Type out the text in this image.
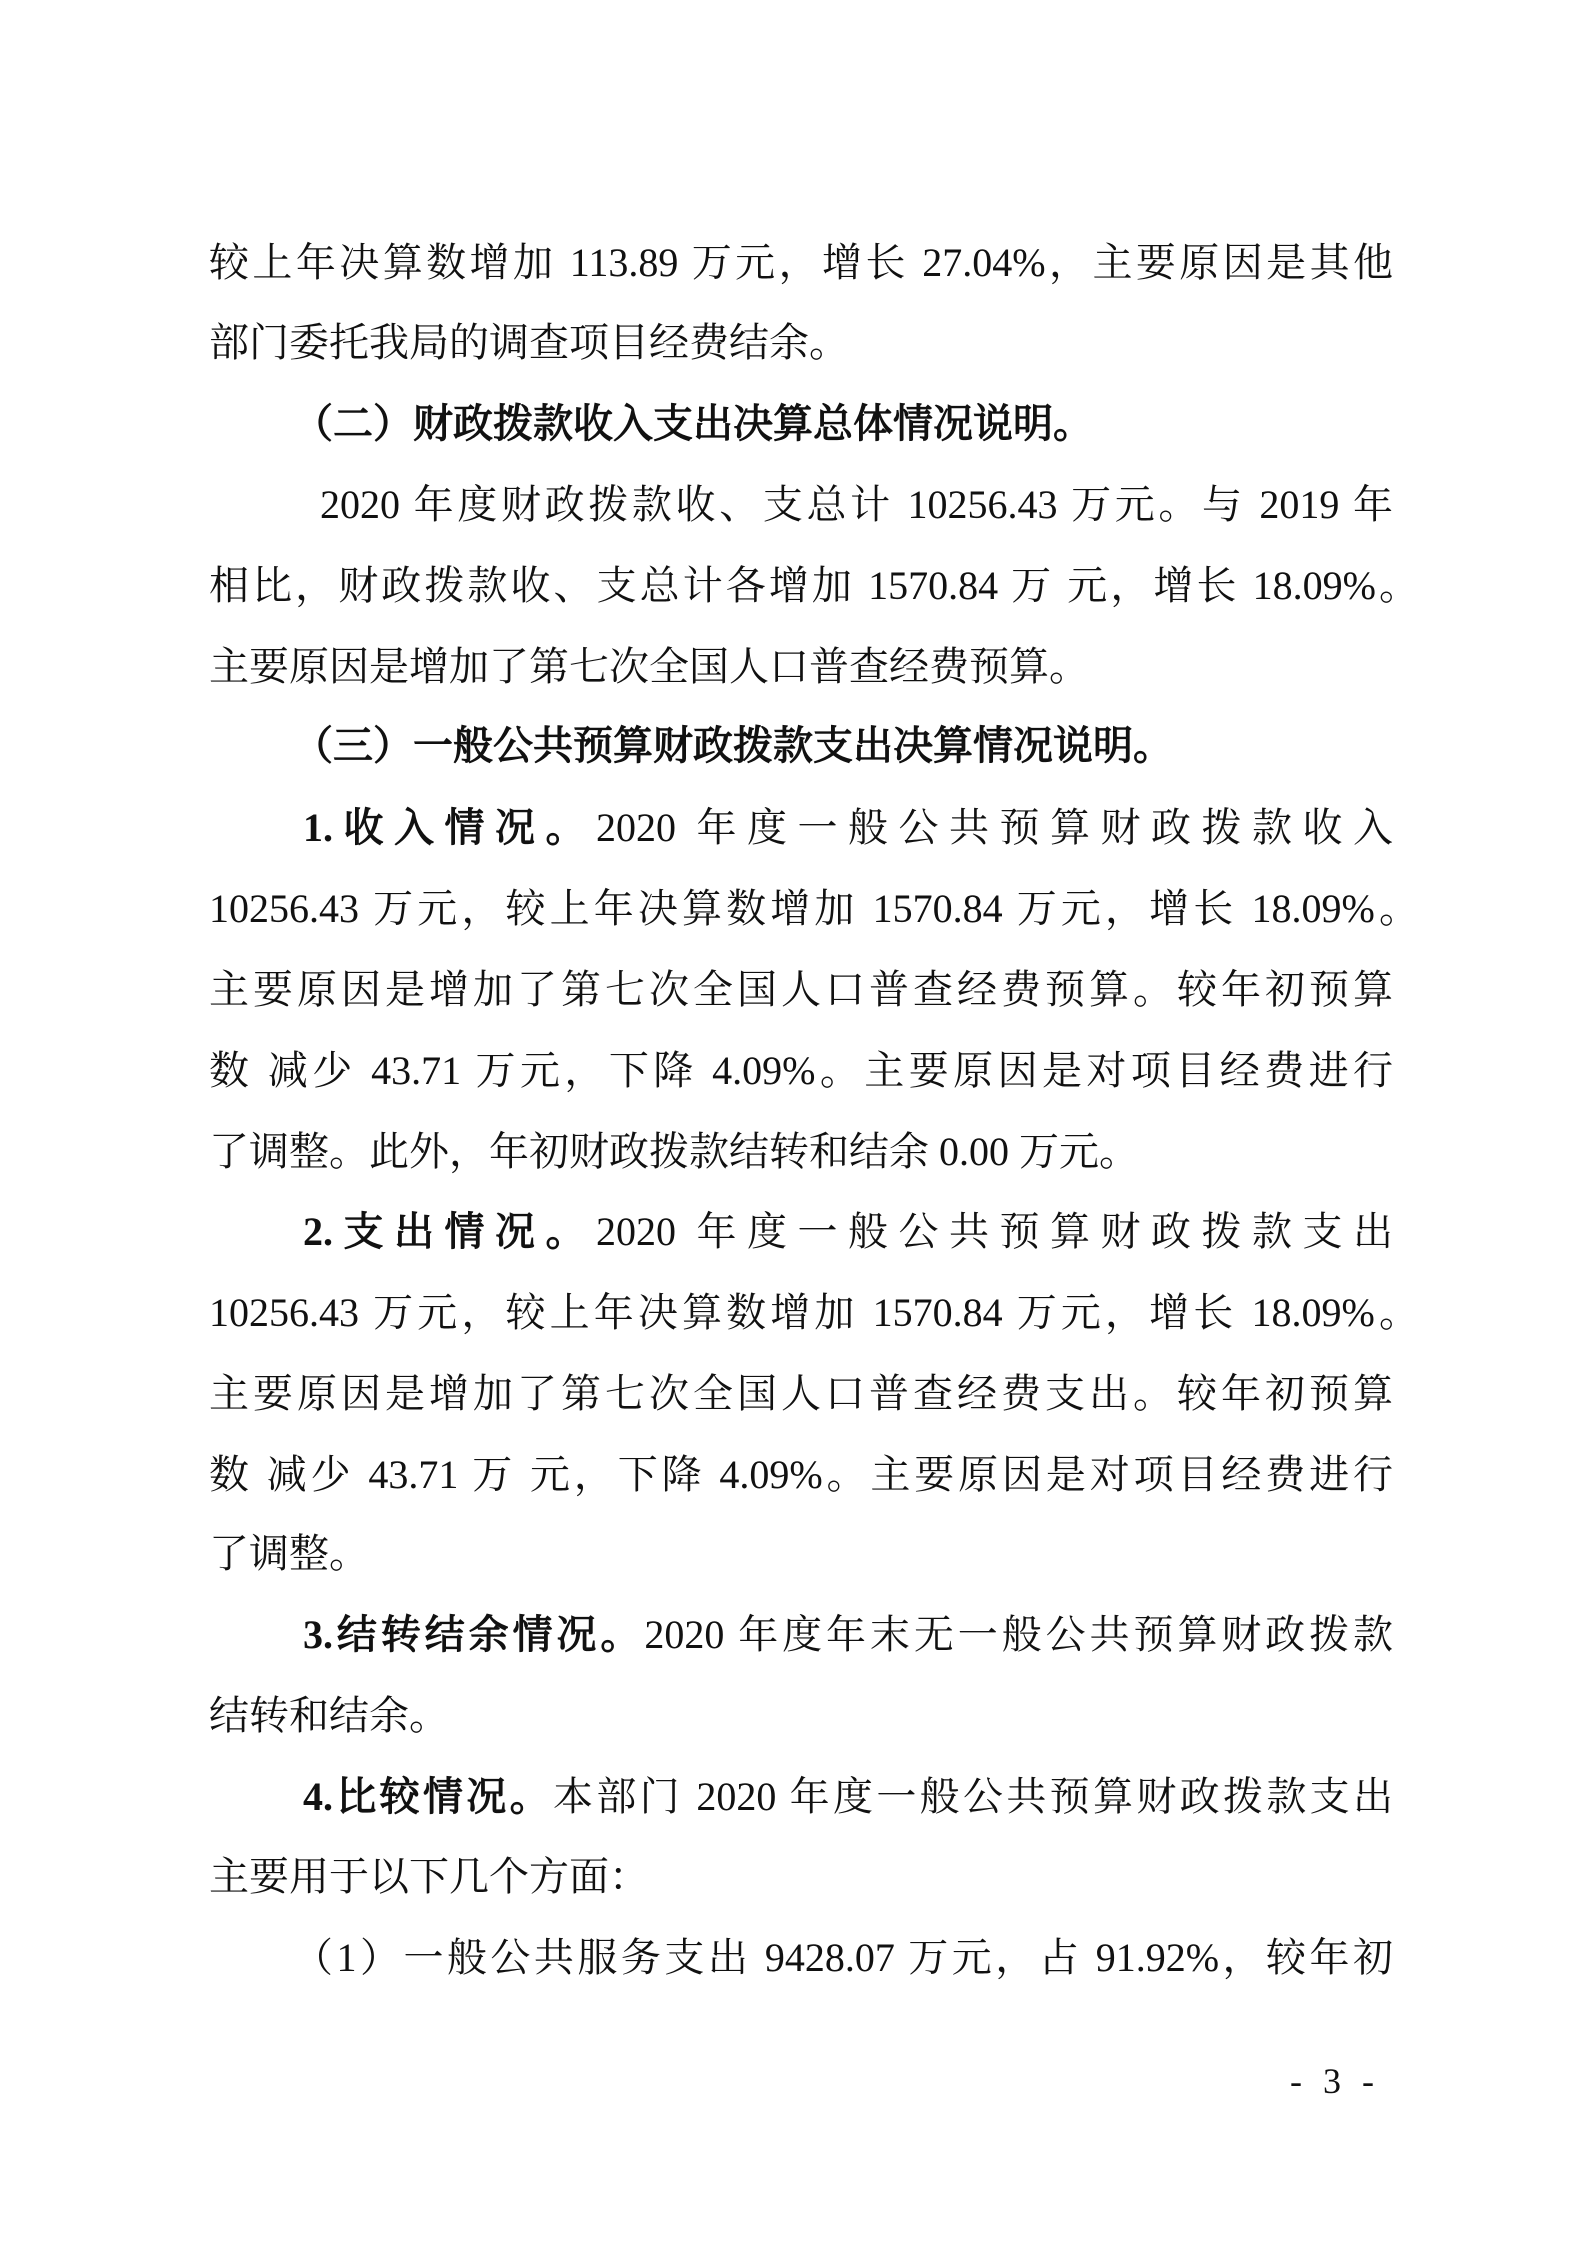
较上年决算数增加 113.89 万元，增长 27.04%，主要原因是其他
部门委托我局的调查项目经费结余。
（二）财政拨款收入支出决算总体情况说明。
2020 年度财政拨款收、支总计 10256.43 万元。与 2019 年
相比，财政拨款收、支总计各增加 1570.84 万 元，增长 18.09%。
主要原因是增加了第七次全国人口普查经费预算。
（三）一般公共预算财政拨款支出决算情况说明。
1.收入情况。2020 年度一般公共预算财政拨款收入
10256.43 万元，较上年决算数增加 1570.84 万元，增长 18.09%。
主要原因是增加了第七次全国人口普查经费预算。较年初预算
数 减少 43.71 万元，下降 4.09%。主要原因是对项目经费进行
了调整。此外，年初财政拨款结转和结余 0.00 万元。
2.支出情况。2020 年度一般公共预算财政拨款支出
10256.43 万元，较上年决算数增加 1570.84 万元，增长 18.09%。
主要原因是增加了第七次全国人口普查经费支出。较年初预算
数 减少 43.71 万 元，下降 4.09%。主要原因是对项目经费进行
了调整。
3.结转结余情况。2020 年度年末无一般公共预算财政拨款
结转和结余。
4.比较情况。本部门 2020 年度一般公共预算财政拨款支出
主要用于以下几个方面：
（1）一般公共服务支出 9428.07 万元，占 91.92%，较年初
- 3 -
